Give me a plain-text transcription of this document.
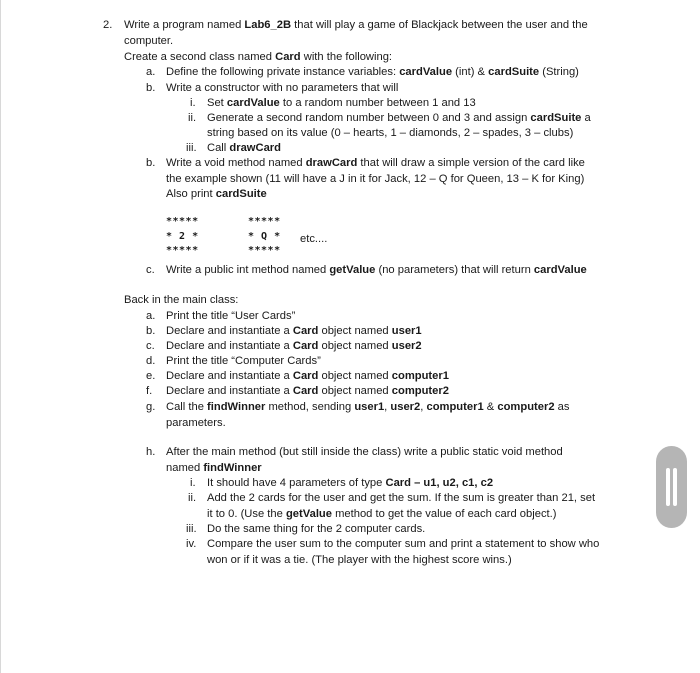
2. Write a program named Lab6_2B that will play a game of Blackjack between the user and the
computer.
Create a second class named Card with the following:
a. Define the following private instance variables: cardValue (int) & cardSuite (String)
b. Write a constructor with no parameters that will
i. Set cardValue to a random number between 1 and 13
ii. Generate a second random number between 0 and 3 and assign cardSuite a
string based on its value (0 – hearts, 1 – diamonds, 2 – spades, 3 – clubs)
iii. Call drawCard
b. Write a void method named drawCard that will draw a simple version of the card like
the example shown (11 will have a J in it for Jack, 12 – Q for Queen, 13 – K for King)
Also print cardSuite
*****
* 2 *
*****
*****
* Q *
*****
etc....
c. Write a public int method named getValue (no parameters) that will return cardValue
Back in the main class:
a. Print the title “User Cards”
b. Declare and instantiate a Card object named user1
c. Declare and instantiate a Card object named user2
d. Print the title “Computer Cards”
e. Declare and instantiate a Card object named computer1
f. Declare and instantiate a Card object named computer2
g. Call the findWinner method, sending user1, user2, computer1 & computer2 as
parameters.
h. After the main method (but still inside the class) write a public static void method
named findWinner
i. It should have 4 parameters of type Card – u1, u2, c1, c2
ii. Add the 2 cards for the user and get the sum. If the sum is greater than 21, set
it to 0. (Use the getValue method to get the value of each card object.)
iii. Do the same thing for the 2 computer cards.
iv. Compare the user sum to the computer sum and print a statement to show who
won or if it was a tie. (The player with the highest score wins.)
